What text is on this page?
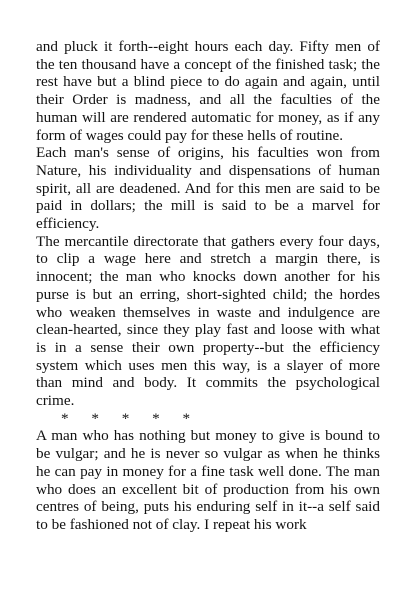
and pluck it forth--eight hours each day. Fifty men of the ten thousand have a concept of the finished task; the rest have but a blind piece to do again and again, until their Order is madness, and all the faculties of the human will are rendered automatic for money, as if any form of wages could pay for these hells of routine.

Each man's sense of origins, his faculties won from Nature, his individuality and dispensations of human spirit, all are deadened. And for this men are said to be paid in dollars; the mill is said to be a marvel for efficiency.

The mercantile directorate that gathers every four days, to clip a wage here and stretch a margin there, is innocent; the man who knocks down another for his purse is but an erring, short-sighted child; the hordes who weaken themselves in waste and indulgence are clean-hearted, since they play fast and loose with what is in a sense their own property--but the efficiency system which uses men this way, is a slayer of more than mind and body. It commits the psychological crime.

*      *      *      *      *

A man who has nothing but money to give is bound to be vulgar; and he is never so vulgar as when he thinks he can pay in money for a fine task well done. The man who does an excellent bit of production from his own centres of being, puts his enduring self in it--a self said to be fashioned not of clay. I repeat his work
